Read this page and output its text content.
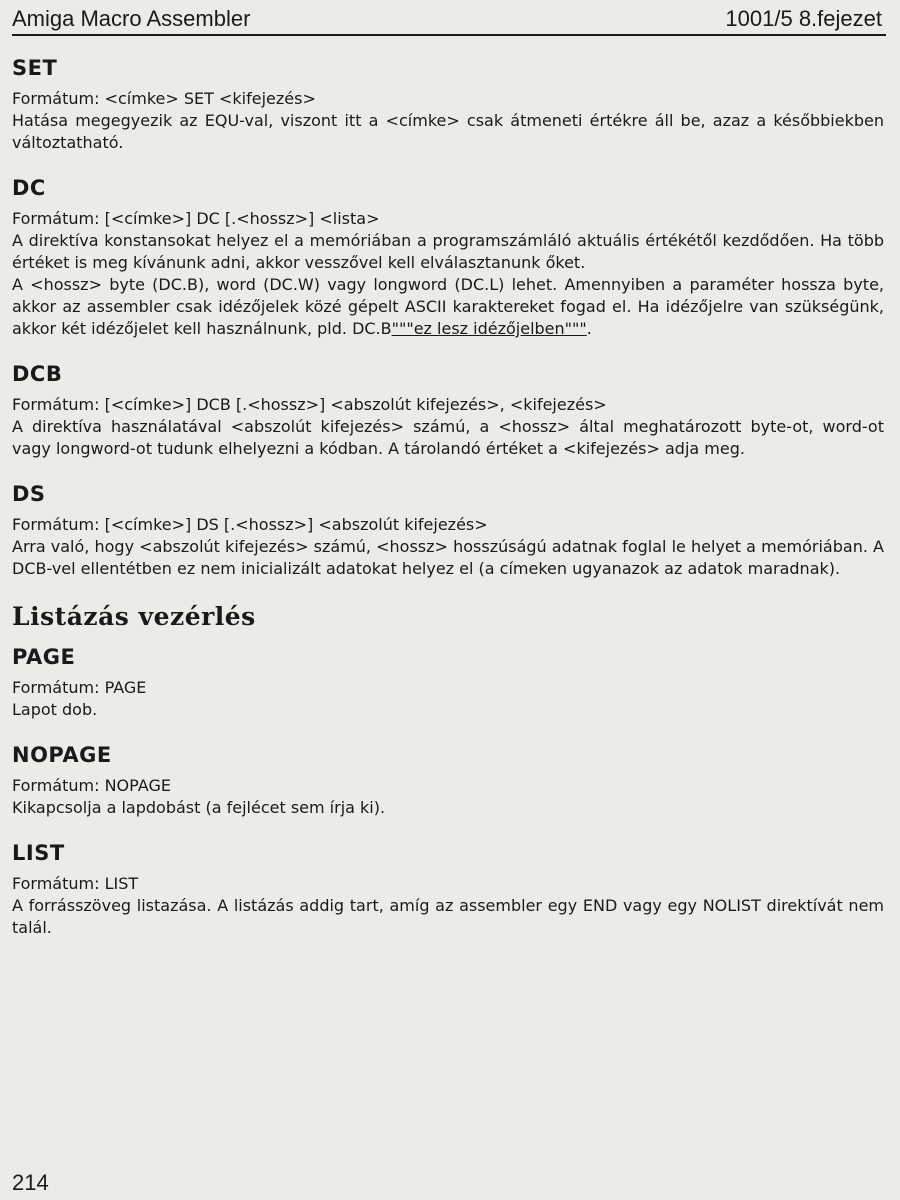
Amiga Macro Assembler	1001/5 8.fejezet
SET

Formátum: <címke> SET <kifejezés>

Hatása megegyezik az EQU-val, viszont itt a <címke> csak átmeneti értékre áll be, azaz a későbbiekben változtatható.

DC

Formátum: [<címke>] DC [.<hossz>] <lista>

A direktíva konstansokat helyez el a memóriában a programszámláló aktuális értékétől kezdődően. Ha több értéket is meg kívánunk adni, akkor vesszővel kell elválasztanunk őket.

A <hossz> byte (DC.B), word (DC.W) vagy longword (DC.L) lehet. Amennyiben a paraméter hossza byte, akkor az assembler csak idézőjelek közé gépelt ASCII karaktereket fogad el. Ha idézőjelre van szükségünk, akkor két idézőjelet kell használnunk, pld. DC.B"""ez lesz idézőjelben""".

DCB

Formátum: [<címke>] DCB [.<hossz>] <abszolút kifejezés>, <kifejezés>

A direktíva használatával <abszolút kifejezés> számú, a <hossz> által meghatározott byte-ot, word-ot vagy longword-ot tudunk elhelyezni a kódban. A tárolandó értéket a <kifejezés> adja meg.

DS

Formátum: [<címke>] DS [.<hossz>] <abszolút kifejezés>

Arra való, hogy <abszolút kifejezés> számú, <hossz> hosszúságú adatnak foglal le helyet a memóriában. A DCB-vel ellentétben ez nem inicializált adatokat helyez el (a címeken ugyanazok az adatok maradnak).

Listázás vezérlés
PAGE

Formátum: PAGE

Lapot dob.

NOPAGE

Formátum: NOPAGE

Kikapcsolja a lapdobást (a fejlécet sem írja ki).

LIST

Formátum: LIST

A forrásszöveg listazása. A listázás addig tart, amíg az assembler egy END vagy egy NOLIST direktívát nem talál.

214
